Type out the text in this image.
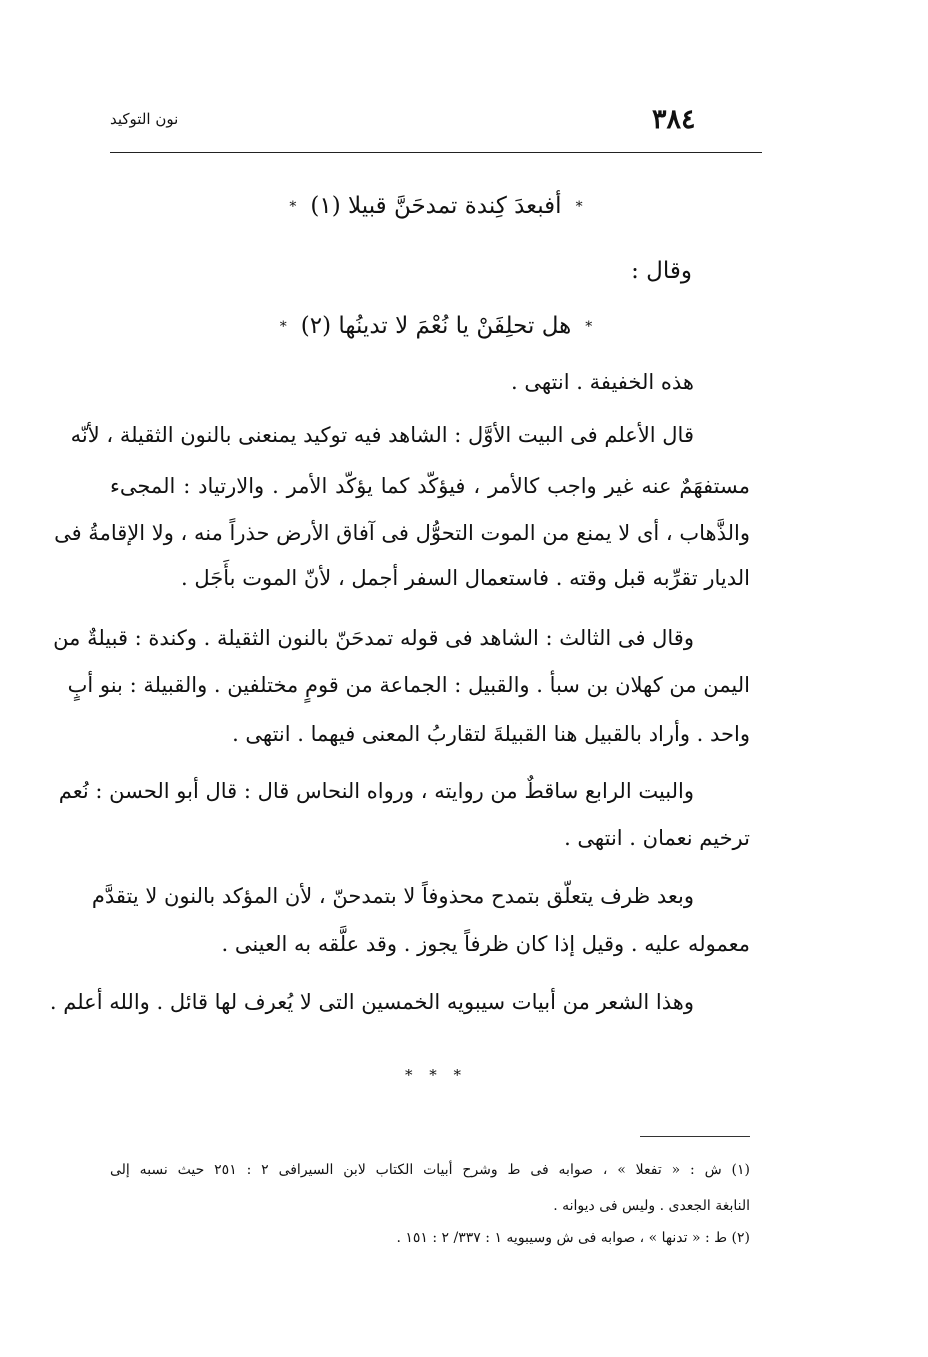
٣٨٤
نون التوكيد
*أفبعدَ كِندة تمدحَنَّ قبيلا (١)*
وقال :
*هل تحلِفَنْ يا نُعْمَ لا تدينُها (٢)*
هذه الخفيفة . انتهى .
قال الأعلم فى البيت الأوَّل : الشاهد فيه توكيد يمنعنى بالنون الثقيلة ، لأنّه
مستفهَمٌ عنه غير واجب كالأمر ، فيؤكّد كما يؤكّد الأمر . والارتياد : المجىء
والذَّهاب ، أى لا يمنع من الموت التحوُّل فى آفاق الأرض حذراً منه ، ولا الإقامةُ فى
الديار تقرِّبه قبل وقته . فاستعمال السفر أجمل ، لأنّ الموت بأَجَل .
وقال فى الثالث : الشاهد فى قوله تمدحَنّ بالنون الثقيلة . وكندة : قبيلةٌ من
اليمن من كهلان بن سبأ . والقبيل : الجماعة من قومٍ مختلفين . والقبيلة : بنو أبٍ
واحد . وأراد بالقبيل هنا القبيلةَ لتقاربُ المعنى فيهما . انتهى .
والبيت الرابع ساقطٌ من روايته ، ورواه النحاس قال : قال أبو الحسن : نُعم
ترخيم نعمان . انتهى .
وبعد ظرف يتعلّق بتمدح محذوفاً لا بتمدحنّ ، لأن المؤكد بالنون لا يتقدَّم
معموله عليه . وقيل إذا كان ظرفاً يجوز . وقد علَّقه به العينى .
وهذا الشعر من أبيات سيبويه الخمسين التى لا يُعرف لها قائل . والله أعلم .
* * *
(١) ش : « تفعلا » ، صوابه فى ط وشرح أبيات الكتاب لابن السيرافى ٢ : ٢٥١ حيث نسبه إلى
النابغة الجعدى . وليس فى ديوانه .
(٢) ط : « تدنها » ، صوابه فى ش وسيبويه ١ : ٣٣٧/ ٢ : ١٥١ .
